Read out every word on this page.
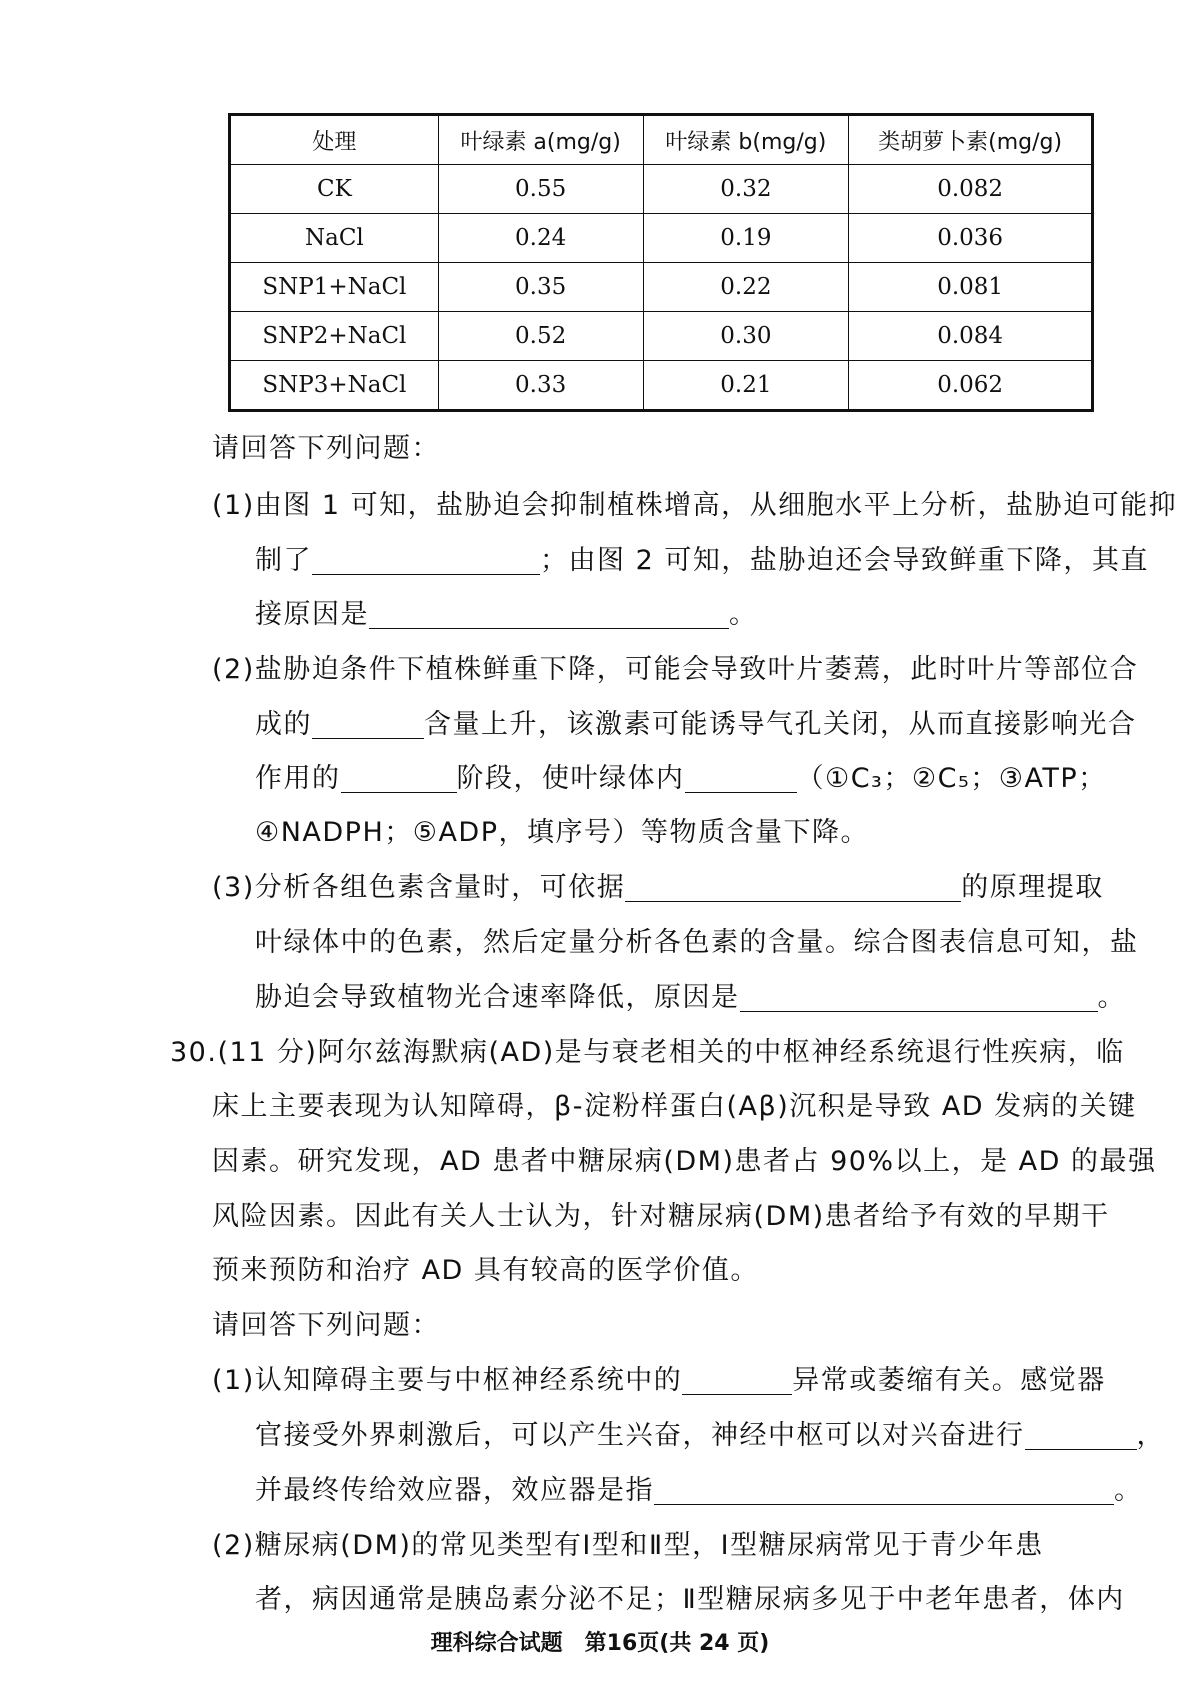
处理	叶绿素 a(mg/g)	叶绿素 b(mg/g)	类胡萝卜素(mg/g)
CK	0.55	0.32	0.082
NaCl	0.24	0.19	0.036
SNP1+NaCl	0.35	0.22	0.081
SNP2+NaCl	0.52	0.30	0.084
SNP3+NaCl	0.33	0.21	0.062
请回答下列问题：
(1)由图 1 可知，盐胁迫会抑制植株增高，从细胞水平上分析，盐胁迫可能抑
制了	；由图 2 可知，盐胁迫还会导致鲜重下降，其直
接原因是	。
(2)盐胁迫条件下植株鲜重下降，可能会导致叶片萎蔫，此时叶片等部位合
成的	含量上升，该激素可能诱导气孔关闭，从而直接影响光合
作用的	阶段，使叶绿体内	（①C₃；②C₅；③ATP；
④NADPH；⑤ADP，填序号）等物质含量下降。
(3)分析各组色素含量时，可依据	的原理提取
叶绿体中的色素，然后定量分析各色素的含量。综合图表信息可知，盐
胁迫会导致植物光合速率降低，原因是	。
30.(11 分)阿尔兹海默病(AD)是与衰老相关的中枢神经系统退行性疾病，临
床上主要表现为认知障碍，β-淀粉样蛋白(Aβ)沉积是导致 AD 发病的关键
因素。研究发现，AD 患者中糖尿病(DM)患者占 90%以上，是 AD 的最强
风险因素。因此有关人士认为，针对糖尿病(DM)患者给予有效的早期干
预来预防和治疗 AD 具有较高的医学价值。
请回答下列问题：
(1)认知障碍主要与中枢神经系统中的	异常或萎缩有关。感觉器
官接受外界刺激后，可以产生兴奋，神经中枢可以对兴奋进行	，
并最终传给效应器，效应器是指	。
(2)糖尿病(DM)的常见类型有Ⅰ型和Ⅱ型，Ⅰ型糖尿病常见于青少年患
者，病因通常是胰岛素分泌不足；Ⅱ型糖尿病多见于中老年患者，体内
理科综合试题　第16页(共 24 页)
